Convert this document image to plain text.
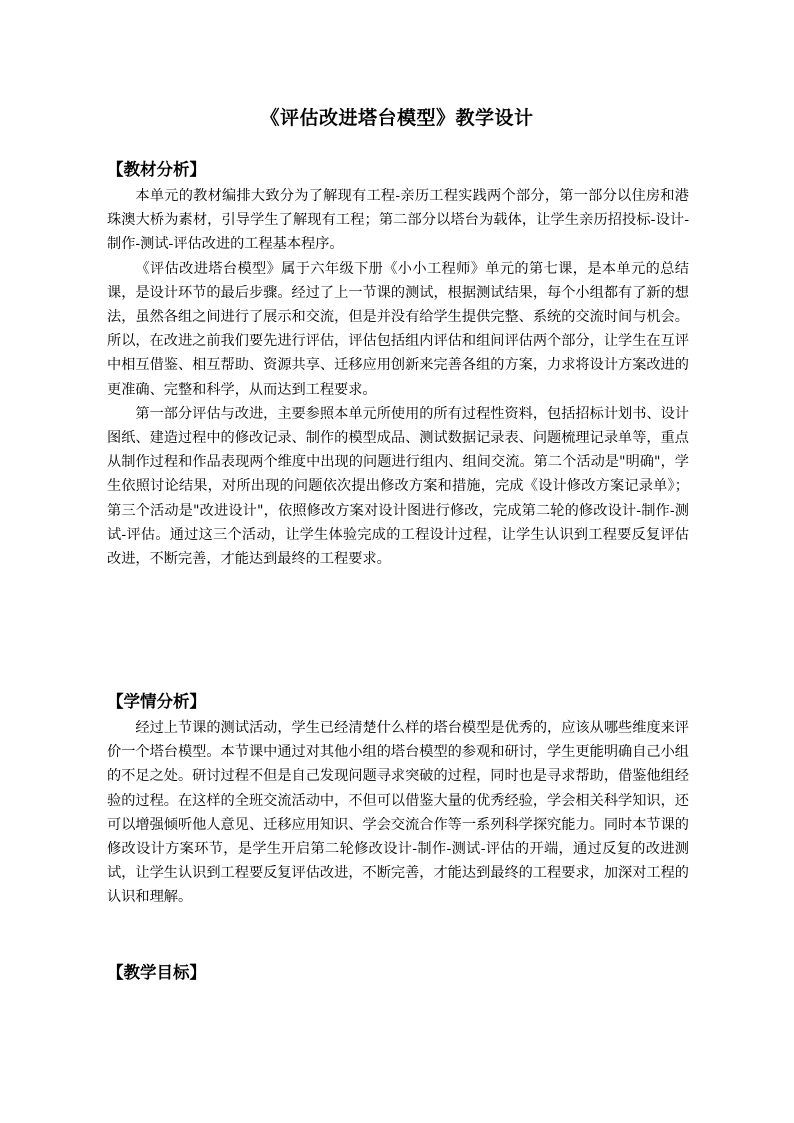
《评估改进塔台模型》教学设计

【教材分析】

本单元的教材编排大致分为了解现有工程-亲历工程实践两个部分，第一部分以住房和港珠澳大桥为素材，引导学生了解现有工程；第二部分以塔台为载体，让学生亲历招投标-设计-制作-测试-评估改进的工程基本程序。

《评估改进塔台模型》属于六年级下册《小小工程师》单元的第七课，是本单元的总结课，是设计环节的最后步骤。经过了上一节课的测试，根据测试结果，每个小组都有了新的想法，虽然各组之间进行了展示和交流，但是并没有给学生提供完整、系统的交流时间与机会。所以，在改进之前我们要先进行评估，评估包括组内评估和组间评估两个部分，让学生在互评中相互借鉴、相互帮助、资源共享、迁移应用创新来完善各组的方案，力求将设计方案改进的更准确、完整和科学，从而达到工程要求。

第一部分评估与改进，主要参照本单元所使用的所有过程性资料，包括招标计划书、设计图纸、建造过程中的修改记录、制作的模型成品、测试数据记录表、问题梳理记录单等，重点从制作过程和作品表现两个维度中出现的问题进行组内、组间交流。第二个活动是"明确"，学生依照讨论结果，对所出现的问题依次提出修改方案和措施，完成《设计修改方案记录单》；第三个活动是"改进设计"，依照修改方案对设计图进行修改，完成第二轮的修改设计-制作-测试-评估。通过这三个活动，让学生体验完成的工程设计过程，让学生认识到工程要反复评估改进，不断完善，才能达到最终的工程要求。

【学情分析】

经过上节课的测试活动，学生已经清楚什么样的塔台模型是优秀的，应该从哪些维度来评价一个塔台模型。本节课中通过对其他小组的塔台模型的参观和研讨，学生更能明确自己小组的不足之处。研讨过程不但是自己发现问题寻求突破的过程，同时也是寻求帮助，借鉴他组经验的过程。在这样的全班交流活动中，不但可以借鉴大量的优秀经验，学会相关科学知识，还可以增强倾听他人意见、迁移应用知识、学会交流合作等一系列科学探究能力。同时本节课的修改设计方案环节，是学生开启第二轮修改设计-制作-测试-评估的开端，通过反复的改进测试，让学生认识到工程要反复评估改进，不断完善，才能达到最终的工程要求，加深对工程的认识和理解。

【教学目标】
